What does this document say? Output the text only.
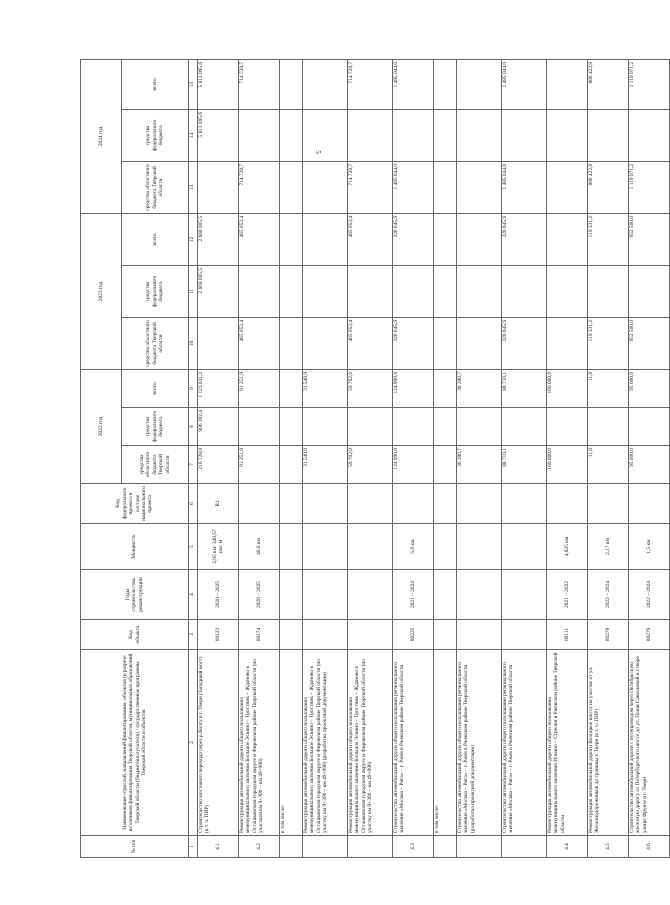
5
№ п/п	Наименование отраслей, направлений финансирования, объектов (в разрезе источников финансирования Тверской области, муниципальных образований Тверской области (бюджетополучатели) / государственные программы Тверской области и объектов	Код объекта	Годы строительства, реконструкции	Мощность	Код федерального проекта в составе национального проекта	2022 год			2023 год			2024 год		
						средства областного бюджета Тверской области	средства федерального бюджета	всего	средства областного бюджета Тверской области	средства федерального бюджета	всего	средства областного бюджета Тверской области	средства федерального бюджета	всего
1	2	3	4	5	6	7	8	9	10	11	12	13	14	15
4.1	Строительство мостового перехода через р.Волгу в г. Твери (Западный мост) (в т. ч. ПИР)	00123	2020 – 2025	2,95 км/ 349,57 пог. м	R1	216 728,8	906 302,4	1 123 031,2		2 668 005,5	2 668 005,5		5 813 095,6	5 813 095,6
4.2	Реконструкция автомобильной дороги общего пользования межмуниципального значения Большое Эскино – Тростник – Жданово в Осташковском городском округе и Фировском районе Тверской области (по участкам км 9+300 – км 49+990)	00174	2020 – 2025	40,6 км		91 251,9		91 251,9	465 053,4		465 053,4	714 728,7		714 728,7
	в том числе:													
	Реконструкция автомобильной дороги общего пользования межмуниципального значения Большое Эскино – Тростник – Жданово в Осташковском городском округе и Фировском районе Тверской области (по участку км 9+300 – км 49+990) (разработка проектной документации)					31 549,9		31 549,9						
	Реконструкция автомобильной дороги общего пользования межмуниципального значения Большое Эскино – Тростник – Жданово в Осташковском городском округе и Фировском районе Тверской области (по участку км 9+300 – км 49+990)					59 702,0		59 702,0	465 053,4		465 053,4	714 728,7		714 728,7
4.3	Строительство автомобильной дороги общего пользования регионального значения «Москва – Рига» – г. Ржев в Ржевском районе Тверской области	00225	2021 – 2024	5,0 км		124 990,8		124 990,8	326 645,9		326 645,9	1 485 044,0		1 485 044,0
	в том числе:													
	Строительство автомобильной дороги общего пользования регионального значения «Москва – Рига» – г. Ржев в Ржевском районе Тверской области (разработка проектной документации)					36 280,7		36 280,7						
	Строительство автомобильной дороги общего пользования регионального значения «Москва – Рига» – г. Ржев в Ржевском районе Тверской области					88 710,1		88 710,1	326 645,9		326 645,9	1 485 044,0		1 485 044,0
4.4	Реконструкция автомобильной дороги общего пользования межмуниципального значения Ильино – Стрелки в Ржевском районе Тверской области	00111	2021 – 2022	4,825 км		160 000,0		160 000,0						
4.5	Реконструкция автомобильной дороги Волоцкое шоссе на участке от ул. Железнодорожников до границы г. Твери (в т. ч. ПИР)	00278	2022 – 2024	2,17 км		11,8		11,8	119 331,2		119 331,2	866 422,8		866 422,8
4.6	Строительство автомобильной дороги с путепроводом через Октябрьскую железную дорогу от Петербургского шоссе до ул. Паши Савельевой в створе улицы Фрунзе в г. Твери	00279	2022 – 2024	1,5 км		95 000,0		95 000,0	952 500,0		952 500,0	1 119 971,2		1 119 971,2
